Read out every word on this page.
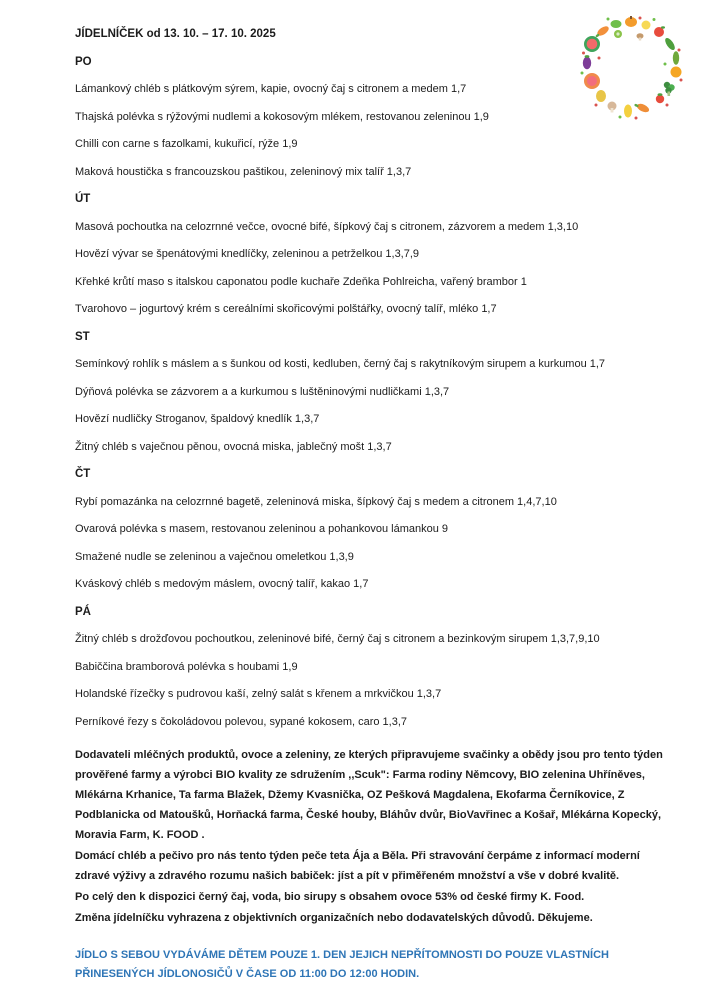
JÍDELNÍČEK od 13. 10. – 17. 10. 2025

PO

Lámankový chléb s plátkovým sýrem, kapie, ovocný čaj s citronem a medem 1,7

Thajská polévka s rýžovými nudlemi a kokosovým mlékem, restovanou zeleninou 1,9

Chilli con carne s fazolkami, kukuřicí, rýže 1,9

Maková houstička s francouzskou paštikou, zeleninový mix talíř 1,3,7

ÚT

Masová pochoutka na celozrnné večce, ovocné bifé, šípkový čaj s citronem, zázvorem a medem 1,3,10

Hovězí vývar se špenátovými knedlíčky, zeleninou a petrželkou 1,3,7,9

Křehké krůtí maso s italskou caponatou podle kuchaře Zdeňka Pohlreicha, vařený brambor 1

Tvarohovo – jogurtový krém s cereálními skořicovými polštářky, ovocný talíř, mléko 1,7

ST

Semínkový rohlík s máslem a s šunkou od kosti, kedluben, černý čaj s rakytníkovým sirupem a kurkumou 1,7

Dýňová polévka se zázvorem a a kurkumou s luštěninovými nudličkami 1,3,7

Hovězí nudličky Stroganov, špaldový knedlík 1,3,7

Žitný chléb s vaječnou pěnou, ovocná miska, jablečný mošt 1,3,7

ČT

Rybí pomazánka na celozrnné bagetě, zeleninová miska, šípkový čaj s medem a citronem 1,4,7,10

Ovarová polévka s masem, restovanou zeleninou a pohankovou lámankou 9

Smažené nudle se zeleninou a vaječnou omeletkou 1,3,9

Kváskový chléb s medovým máslem, ovocný talíř, kakao 1,7

PÁ

Žitný chléb s drožďovou pochoutkou, zeleninové bifé, černý čaj s citronem a bezinkovým sirupem 1,3,7,9,10

Babiččina bramborová polévka s houbami 1,9

Holandské řízečky s pudrovou kaší, zelný salát s křenem a mrkvičkou 1,3,7

Perníkové řezy s čokoládovou polevou, sypané kokosem, caro 1,3,7

Dodavateli mléčných produktů, ovoce a zeleniny, ze kterých připravujeme svačinky a obědy jsou pro tento týden prověřené farmy a výrobci BIO kvality ze sdružením ,,Scuk": Farma rodiny Němcovy, BIO zelenina Uhříněves, Mlékárna Krhanice, Ta farma Blažek, Džemy Kvasnička, OZ Pešková Magdalena, Ekofarma Černíkovice, Z Podblanicka od Matoušků, Horňacká farma, České houby, Bláhův dvůr, BioVavřinec a Košař, Mlékárna Kopecký, Moravia Farm, K. FOOD .

Domácí chléb a pečivo pro nás tento týden peče teta Ája a Běla. Při stravování čerpáme z informací moderní zdravé výživy a zdravého rozumu našich babiček: jíst a pít v přiměřeném množství a vše v dobré kvalitě.

Po celý den k dispozici černý čaj, voda, bio sirupy s obsahem ovoce 53% od české firmy K. Food.

Změna jídelníčku vyhrazena z objektivních organizačních nebo dodavatelských důvodů. Děkujeme.

JÍDLO S SEBOU VYDÁVÁME DĚTEM POUZE 1. DEN JEJICH NEPŘÍTOMNOSTI DO POUZE VLASTNÍCH PŘINESENÝCH JÍDLONOSIČŮ V ČASE OD 11:00 DO 12:00 HODIN.
